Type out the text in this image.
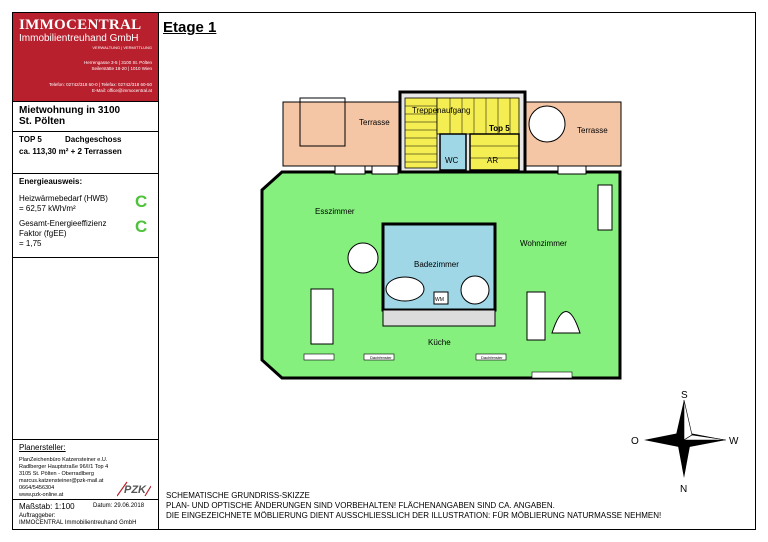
IMMOCENTRAL
Immobilientreuhand GmbH
VERWALTUNG | VERMITTLUNG
Herrengasse 3-5 | 3100 St. Pölten
Seilerstätte 18-20 | 1010 Wien
Telefon: 02742/318 60-0 | Telefax: 02742/318 60-50
E-Mail: office@immocentral.at
Mietwohnung in 3100 St. Pölten
TOP 5	Dachgeschoss
ca. 113,30 m² + 2 Terrassen
Energieausweis:
Heizwärmebedarf (HWB)
= 62,57 kWh/m²	C
Gesamt-Energieeffizienz
Faktor (fgEE)
= 1,75
C
Planersteller:
PlanZeichenbüro Katzensteiner e.U.
Radlberger Hauptstraße 96/I/1 Top 4
3105 St. Pölten - Oberradlberg
marcus.katzensteiner@pzk-mail.at
0664/5456304
www.pzk-online.at	PZK
Maßstab: 1:100	Datum: 29.06.2018
Auftraggeber:
IMMOCENTRAL Immobilientreuhand GmbH
Etage 1
Dachfenster	Dachfenster
Terrasse
Terrasse
Treppenaufgang
Top 5
WC	AR
Esszimmer
Wohnzimmer
Badezimmer
Küche
WM
S
O	W
N
SCHEMATISCHE GRUNDRISS-SKIZZE
PLAN- UND OPTISCHE ÄNDERUNGEN SIND VORBEHALTEN! FLÄCHENANGABEN SIND CA. ANGABEN.
DIE EINGEZEICHNETE MÖBLIERUNG DIENT AUSSCHLIESSLICH DER ILLUSTRATION: FÜR MÖBLIERUNG NATURMASSE NEHMEN!
